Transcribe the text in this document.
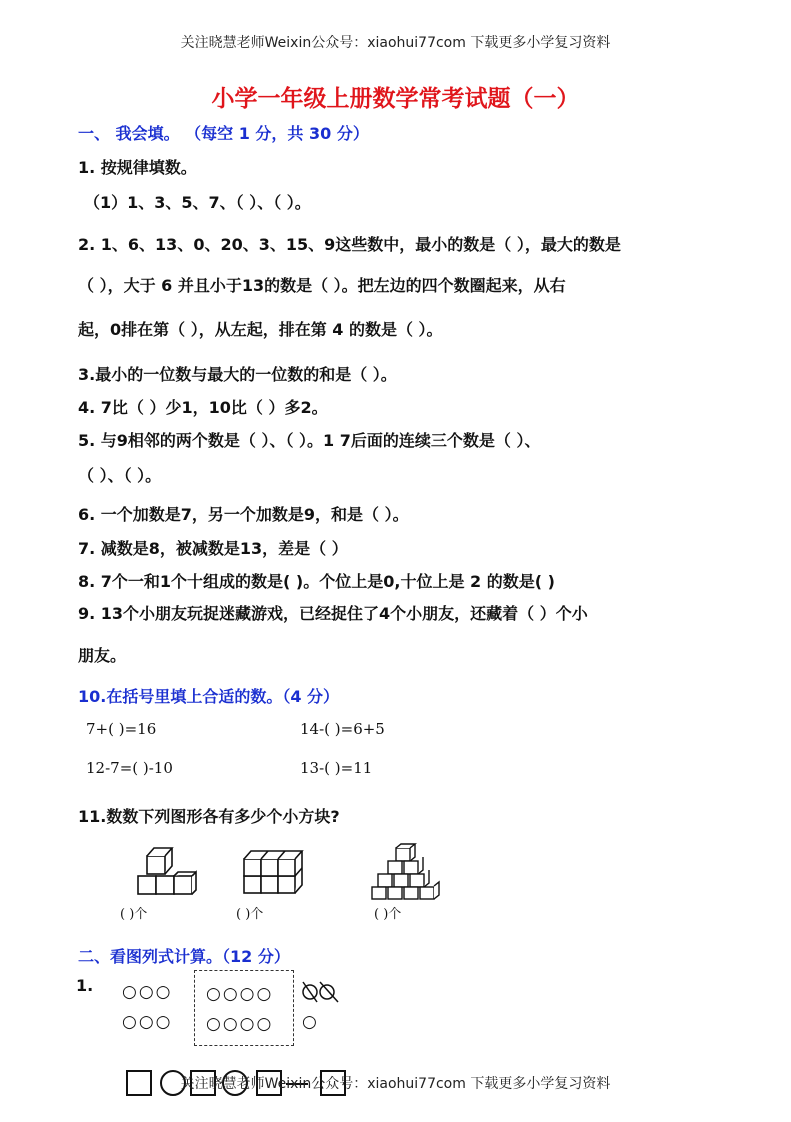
关注晓慧老师Weixin公众号：xiaohui77com 下载更多小学复习资料
小学一年级上册数学常考试题（一）
一、 我会填。 （每空 1 分，共 30 分）
1. 按规律填数。
（1）1、3、5、7、（ ）、（ ）。
2. 1、6、13、0、20、3、15、9这些数中，最小的数是（ ），最大的数是
（ ），大于 6 并且小于13的数是（ ）。把左边的四个数圈起来，从右
起，0排在第（ ），从左起，排在第 4 的数是（ ）。
3.最小的一位数与最大的一位数的和是（ ）。
4. 7比（ ）少1，10比（ ）多2。
5. 与9相邻的两个数是（ ）、（ ）。1 7后面的连续三个数是（ ）、
（ ）、（ ）。
6. 一个加数是7，另一个加数是9，和是（ ）。
7. 减数是8，被减数是13，差是（ ）
8. 7个一和1个十组成的数是( )。个位上是0,十位上是 2 的数是( )
9. 13个小朋友玩捉迷藏游戏，已经捉住了4个小朋友，还藏着（ ）个小
朋友。
10.在括号里填上合适的数。（4 分）
7+( )=16	14-( )=6+5
12-7=( )-10	13-( )=11
11.数数下列图形各有多少个小方块?
( )个	( )个	( )个
二、看图列式计算。（12 分）
1. ○○○
○○○
○○○○
○○○○ ○
关注晓慧老师Weixin公众号：xiaohui77com 下载更多小学复习资料
